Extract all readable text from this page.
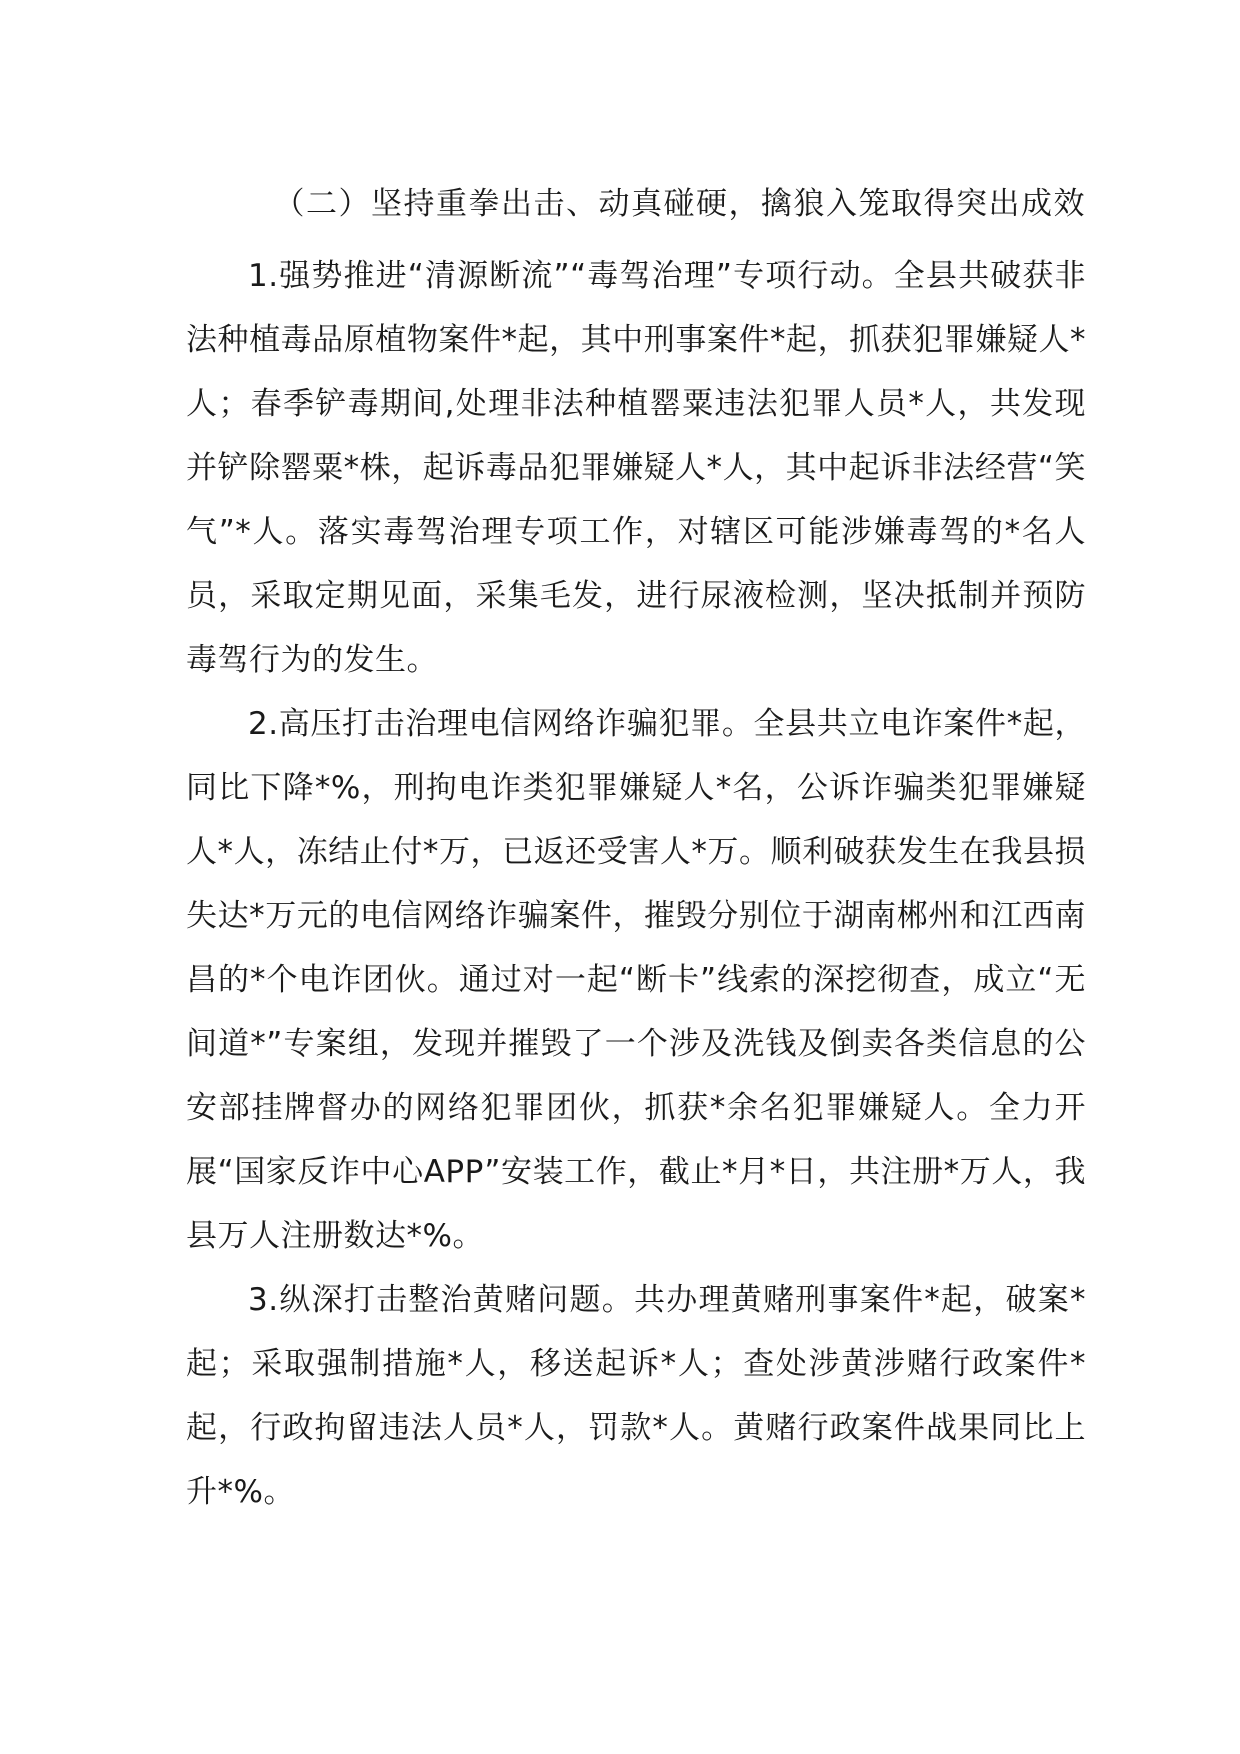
（二）坚持重拳出击、动真碰硬，擒狼入笼取得突出成效

1.强势推进“清源断流”“毒驾治理”专项行动。全县共破获非法种植毒品原植物案件*起，其中刑事案件*起，抓获犯罪嫌疑人*人；春季铲毒期间,处理非法种植罂粟违法犯罪人员*人，共发现并铲除罂粟*株，起诉毒品犯罪嫌疑人*人，其中起诉非法经营“笑气”*人。落实毒驾治理专项工作，对辖区可能涉嫌毒驾的*名人员，采取定期见面，采集毛发，进行尿液检测，坚决抵制并预防毒驾行为的发生。

2.高压打击治理电信网络诈骗犯罪。全县共立电诈案件*起，同比下降*%，刑拘电诈类犯罪嫌疑人*名，公诉诈骗类犯罪嫌疑人*人，冻结止付*万，已返还受害人*万。顺利破获发生在我县损失达*万元的电信网络诈骗案件，摧毁分别位于湖南郴州和江西南昌的*个电诈团伙。通过对一起“断卡”线索的深挖彻查，成立“无间道*”专案组，发现并摧毁了一个涉及洗钱及倒卖各类信息的公安部挂牌督办的网络犯罪团伙，抓获*余名犯罪嫌疑人。全力开展“国家反诈中心APP”安装工作，截止*月*日，共注册*万人，我县万人注册数达*%。

3.纵深打击整治黄赌问题。共办理黄赌刑事案件*起，破案*起；采取强制措施*人，移送起诉*人；查处涉黄涉赌行政案件*起，行政拘留违法人员*人，罚款*人。黄赌行政案件战果同比上升*%。
